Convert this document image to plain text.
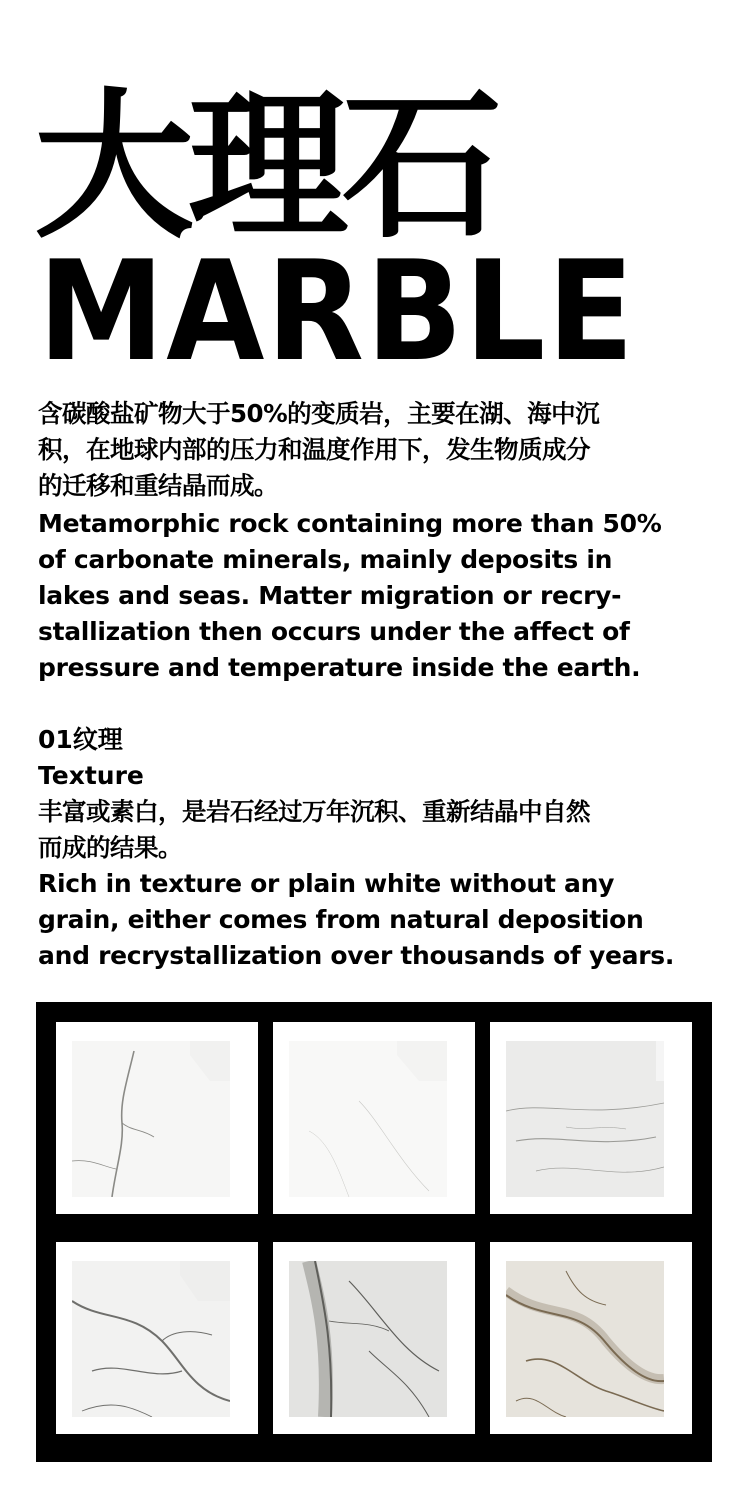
大理石
MARBLE
含碳酸盐矿物大于50%的变质岩，主要在湖、海中沉
积，在地球内部的压力和温度作用下，发生物质成分
的迁移和重结晶而成。
Metamorphic rock containing more than 50%
of carbonate minerals, mainly deposits in
lakes and seas. Matter migration or recry-
stallization then occurs under the affect of
pressure and temperature inside the earth.
01纹理
Texture
丰富或素白，是岩石经过万年沉积、重新结晶中自然
而成的结果。
Rich in texture or plain white without any
grain, either comes from natural deposition
and recrystallization over thousands of years.
